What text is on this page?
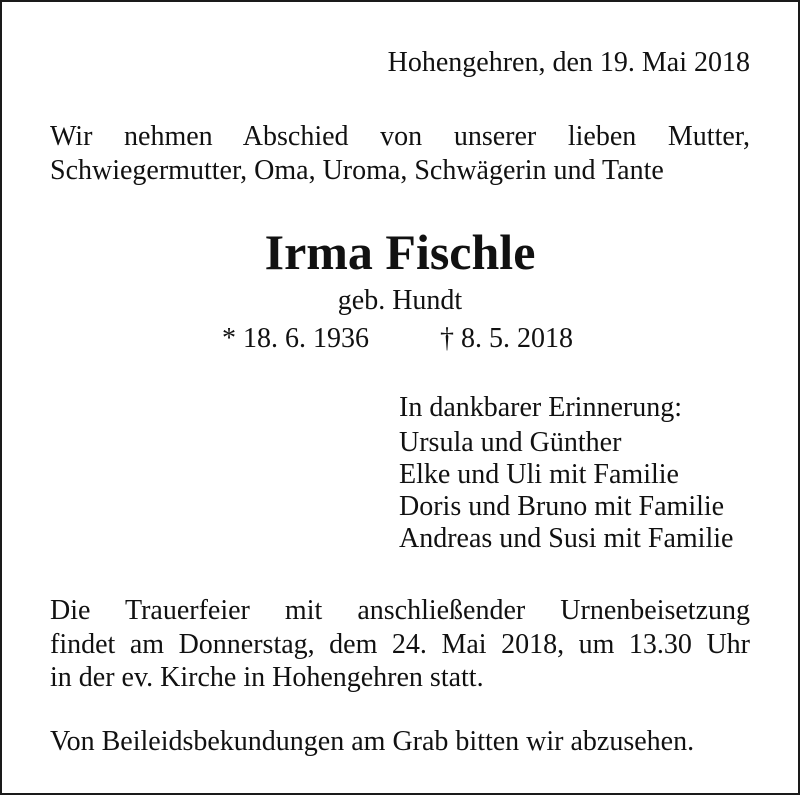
Hohengehren, den 19. Mai 2018
Wir nehmen Abschied von unserer lieben Mutter,
Schwiegermutter, Oma, Uroma, Schwägerin und Tante
Irma Fischle
geb. Hundt
* 18. 6. 1936	† 8. 5. 2018
In dankbarer Erinnerung:
Ursula und Günther
Elke und Uli mit Familie
Doris und Bruno mit Familie
Andreas und Susi mit Familie
Die Trauerfeier mit anschließender Urnenbeisetzung
findet am Donnerstag, dem 24. Mai 2018, um 13.30 Uhr
in der ev. Kirche in Hohengehren statt.
Von Beileidsbekundungen am Grab bitten wir abzusehen.
